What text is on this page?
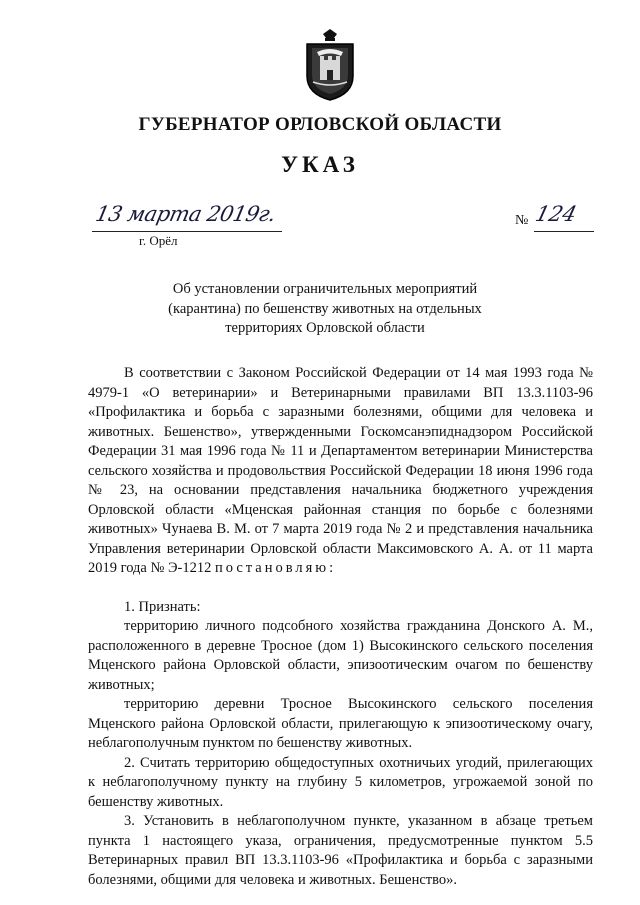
ГУБЕРНАТОР ОРЛОВСКОЙ ОБЛАСТИ
УКАЗ
13 марта 2019г.
г. Орёл
№ 124
Об установлении ограничительных мероприятий
(карантина) по бешенству животных на отдельных
территориях Орловской области

В соответствии с Законом Российской Федерации от 14 мая 1993 года № 4979-1 «О ветеринарии» и Ветеринарными правилами ВП 13.3.1103-96 «Профилактика и борьба с заразными болезнями, общими для человека и животных. Бешенство», утвержденными Госкомсанэпиднадзором Российской Федерации 31 мая 1996 года № 11 и Департаментом ветеринарии Министерства сельского хозяйства и продовольствия Российской Федерации 18 июня 1996 года № 23, на основании представления начальника бюджетного учреждения Орловской области «Мценская районная станция по борьбе с болезнями животных» Чунаева В. М. от 7 марта 2019 года № 2 и представления начальника Управления ветеринарии Орловской области Максимовского А. А. от 11 марта 2019 года № Э-1212 постановляю:

1. Признать:

территорию личного подсобного хозяйства гражданина Донского А. М., расположенного в деревне Тросное (дом 1) Высокинского сельского поселения Мценского района Орловской области, эпизоотическим очагом по бешенству животных;

территорию деревни Тросное Высокинского сельского поселения Мценского района Орловской области, прилегающую к эпизоотическому очагу, неблагополучным пунктом по бешенству животных.

2. Считать территорию общедоступных охотничьих угодий, прилегающих к неблагополучному пункту на глубину 5 километров, угрожаемой зоной по бешенству животных.

3. Установить в неблагополучном пункте, указанном в абзаце третьем пункта 1 настоящего указа, ограничения, предусмотренные пунктом 5.5 Ветеринарных правил ВП 13.3.1103-96 «Профилактика и борьба с заразными болезнями, общими для человека и животных. Бешенство».
